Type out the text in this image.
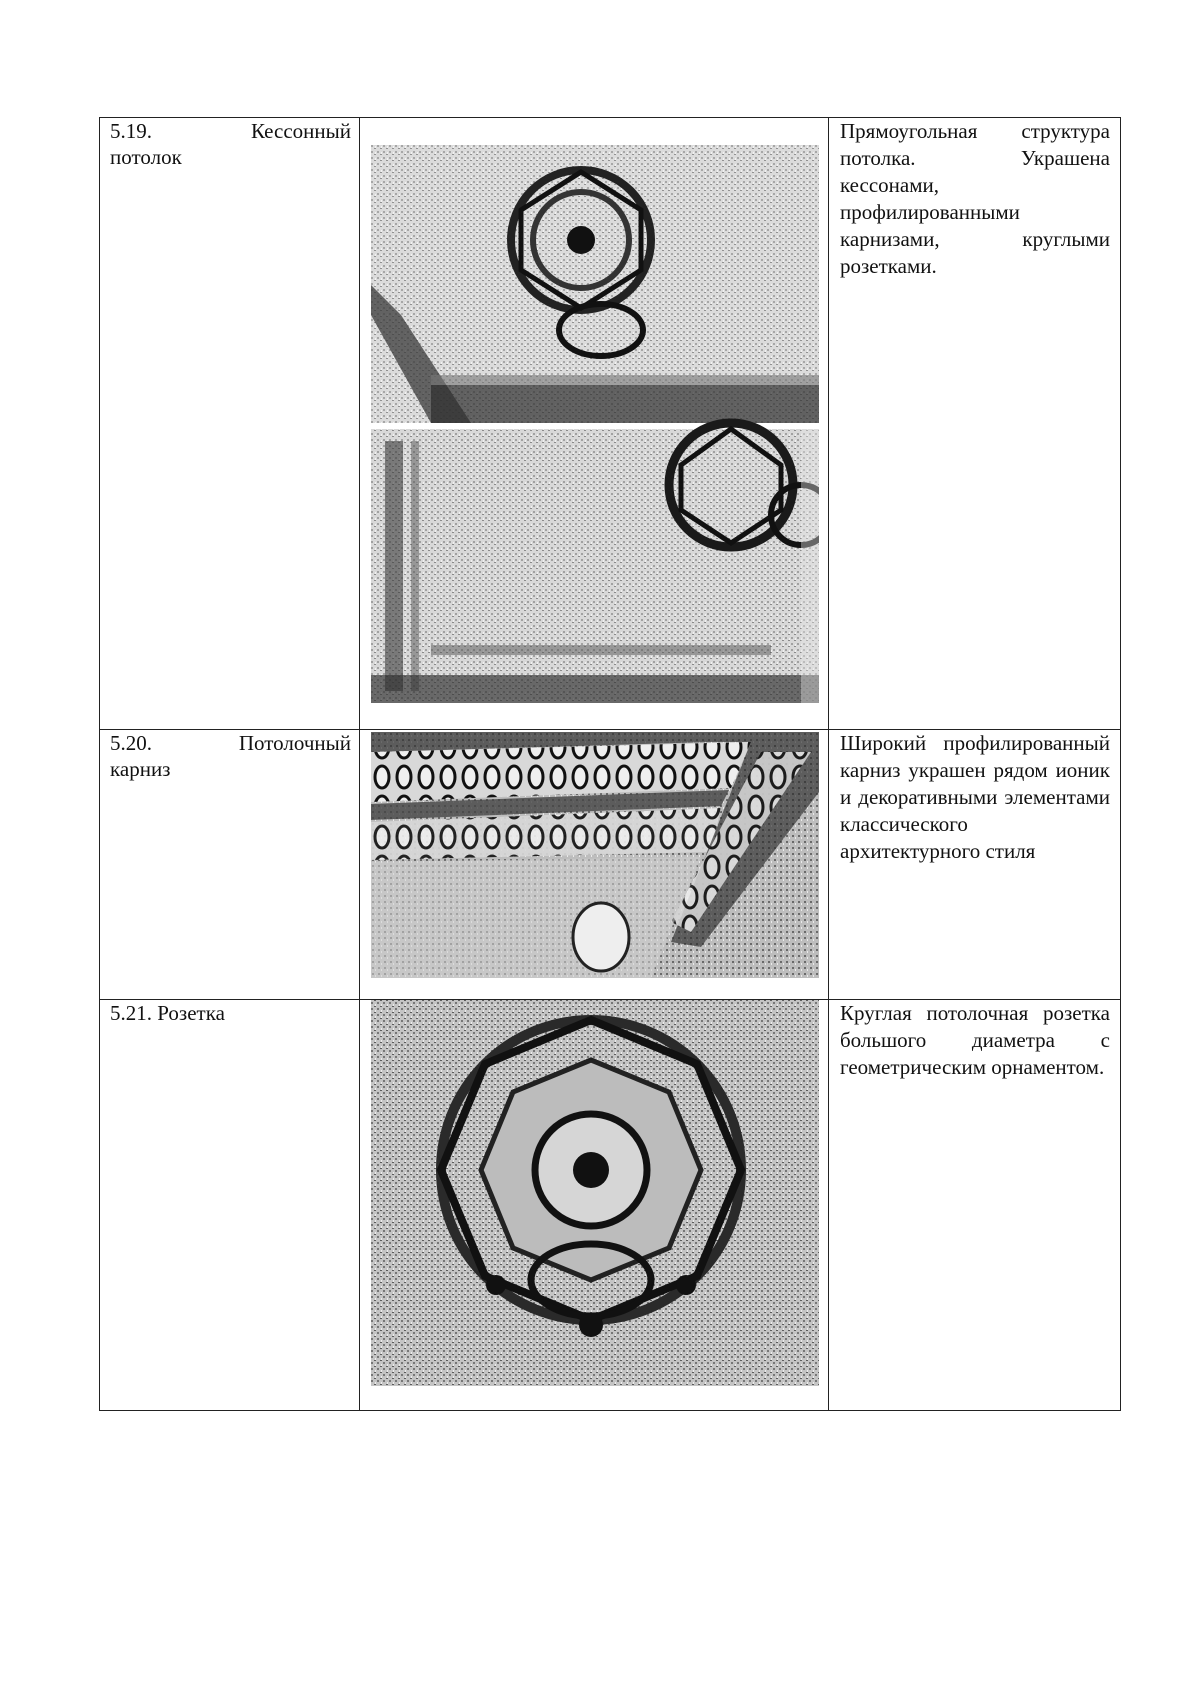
5.19. Кессонный
потолок		Прямоугольная структура потолка. Украшена кессонами, профилированными карнизами, круглыми розетками.

5.20. Потолочный
карниз		Широкий профилированный карниз украшен рядом ионик и декоративными элементами классического архитектурного стиля

5.21. Розетка		Круглая потолочная розетка большого диаметра с геометрическим орнаментом.
